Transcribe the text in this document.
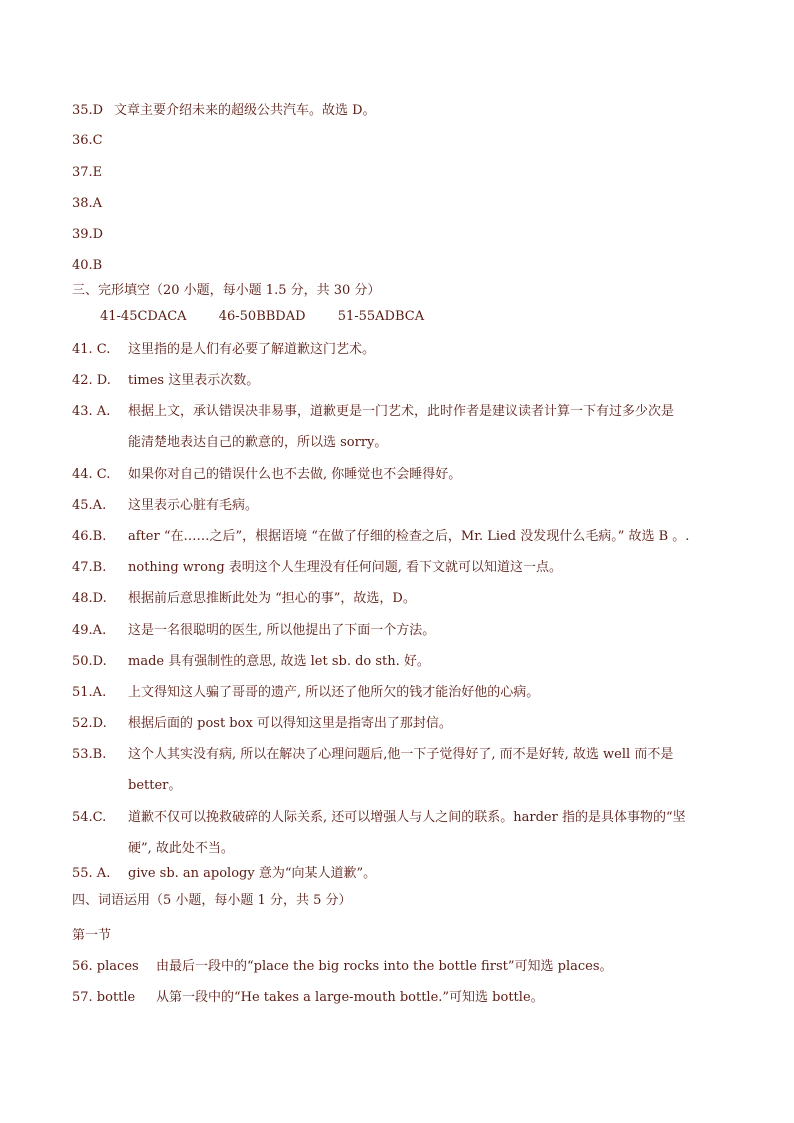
35.D 文章主要介绍未来的超级公共汽车。故选 D。
36.C
37.E
38.A
39.D
40.B
三、完形填空（20 小题，每小题 1.5 分，共 30 分）
41-45CDACA 46-50BBDAD 51-55ADBCA
41. C. 这里指的是人们有必要了解道歉这门艺术。
42. D. times 这里表示次数。
43. A. 根据上文，承认错误决非易事，道歉更是一门艺术，此时作者是建议读者计算一下有过多少次是
能清楚地表达自己的歉意的，所以选 sorry。
44. C. 如果你对自己的错误什么也不去做, 你睡觉也不会睡得好。
45.A. 这里表示心脏有毛病。
46.B. after “在……之后”，根据语境 “在做了仔细的检查之后，Mr. Lied 没发现什么毛病。” 故选 B 。.
47.B. nothing wrong 表明这个人生理没有任何问题, 看下文就可以知道这一点。
48.D. 根据前后意思推断此处为 “担心的事”，故选，D。
49.A. 这是一名很聪明的医生, 所以他提出了下面一个方法。
50.D. made 具有强制性的意思, 故选 let sb. do sth. 好。
51.A. 上文得知这人骗了哥哥的遗产, 所以还了他所欠的钱才能治好他的心病。
52.D. 根据后面的 post box 可以得知这里是指寄出了那封信。
53.B. 这个人其实没有病, 所以在解决了心理问题后,他一下子觉得好了, 而不是好转, 故选 well 而不是
better。
54.C. 道歉不仅可以挽救破碎的人际关系, 还可以增强人与人之间的联系。harder 指的是具体事物的“坚
硬”, 故此处不当。
55. A. give sb. an apology 意为“向某人道歉”。
四、词语运用（5 小题，每小题 1 分，共 5 分）
第一节
56. places 由最后一段中的“place the big rocks into the bottle first”可知选 places。
57. bottle 从第一段中的“He takes a large-mouth bottle.”可知选 bottle。
